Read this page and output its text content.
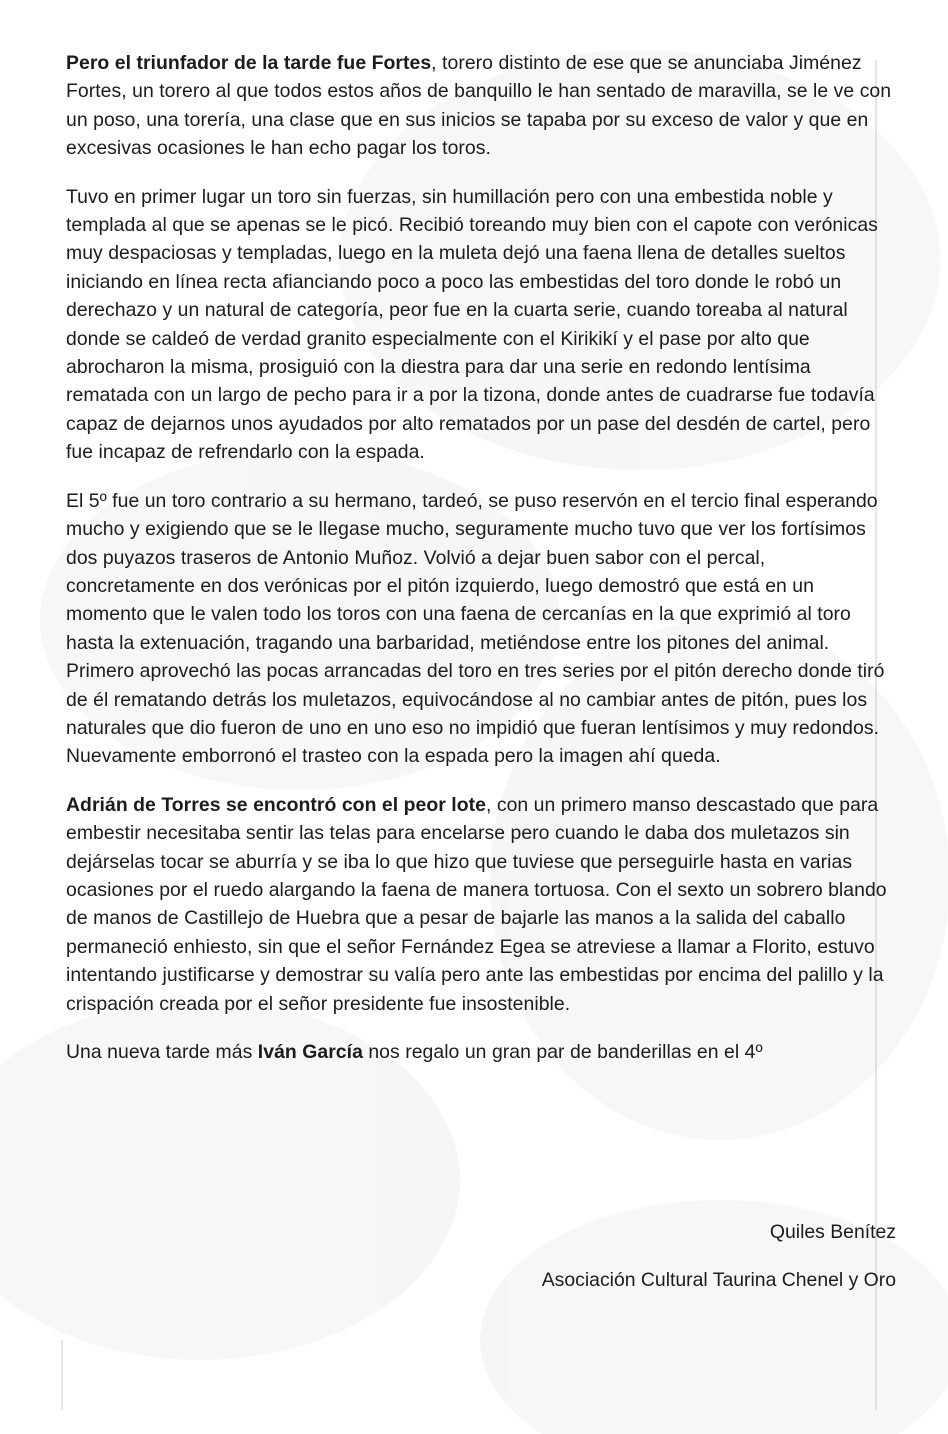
Pero el triunfador de la tarde fue Fortes, torero distinto de ese que se anunciaba Jiménez Fortes, un torero al que todos estos años de banquillo le han sentado de maravilla, se le ve con un poso, una torería, una clase que en sus inicios se tapaba por su exceso de valor y que en excesivas ocasiones le han echo pagar los toros.

Tuvo en primer lugar un toro sin fuerzas, sin humillación pero con una embestida noble y templada al que se apenas se le picó. Recibió toreando muy bien con el capote con verónicas muy despaciosas y templadas, luego en la muleta dejó una faena llena de detalles sueltos iniciando en línea recta afianciando poco a poco las embestidas del toro donde le robó un derechazo y un natural de categoría, peor fue en la cuarta serie, cuando toreaba al natural donde se caldeó de verdad granito especialmente con el Kirikikí y el pase por alto que abrocharon la misma, prosiguió con la diestra para dar una serie en redondo lentísima rematada con un largo de pecho para ir a por la tizona, donde antes de cuadrarse fue todavía capaz de dejarnos unos ayudados por alto rematados por un pase del desdén de cartel, pero fue incapaz de refrendarlo con la espada.

El 5º fue un toro contrario a su hermano, tardeó, se puso reservón en el tercio final esperando mucho y exigiendo que se le llegase mucho, seguramente mucho tuvo que ver los fortísimos dos puyazos traseros de Antonio Muñoz. Volvió a dejar buen sabor con el percal, concretamente en dos verónicas por el pitón izquierdo, luego demostró que está en un momento que le valen todo los toros con una faena de cercanías en la que exprimió al toro hasta la extenuación, tragando una barbaridad, metiéndose entre los pitones del animal. Primero aprovechó las pocas arrancadas del toro en tres series por el pitón derecho donde tiró de él rematando detrás los muletazos, equivocándose al no cambiar antes de pitón, pues los naturales que dio fueron de uno en uno eso no impidió que fueran lentísimos y muy redondos. Nuevamente emborronó el trasteo con la espada pero la imagen ahí queda.

Adrián de Torres se encontró con el peor lote, con un primero manso descastado que para embestir necesitaba sentir las telas para encelarse pero cuando le daba dos muletazos sin dejárselas tocar se aburría y se iba lo que hizo que tuviese que perseguirle hasta en varias ocasiones por el ruedo alargando la faena de manera tortuosa. Con el sexto un sobrero blando de manos de Castillejo de Huebra que a pesar de bajarle las manos a la salida del caballo permaneció enhiesto, sin que el señor Fernández Egea se atreviese a llamar a Florito, estuvo intentando justificarse y demostrar su valía pero ante las embestidas por encima del palillo y la crispación creada por el señor presidente fue insostenible.

Una nueva tarde más Iván García nos regalo un gran par de banderillas en el 4º

Quiles Benítez
Asociación Cultural Taurina Chenel y Oro
